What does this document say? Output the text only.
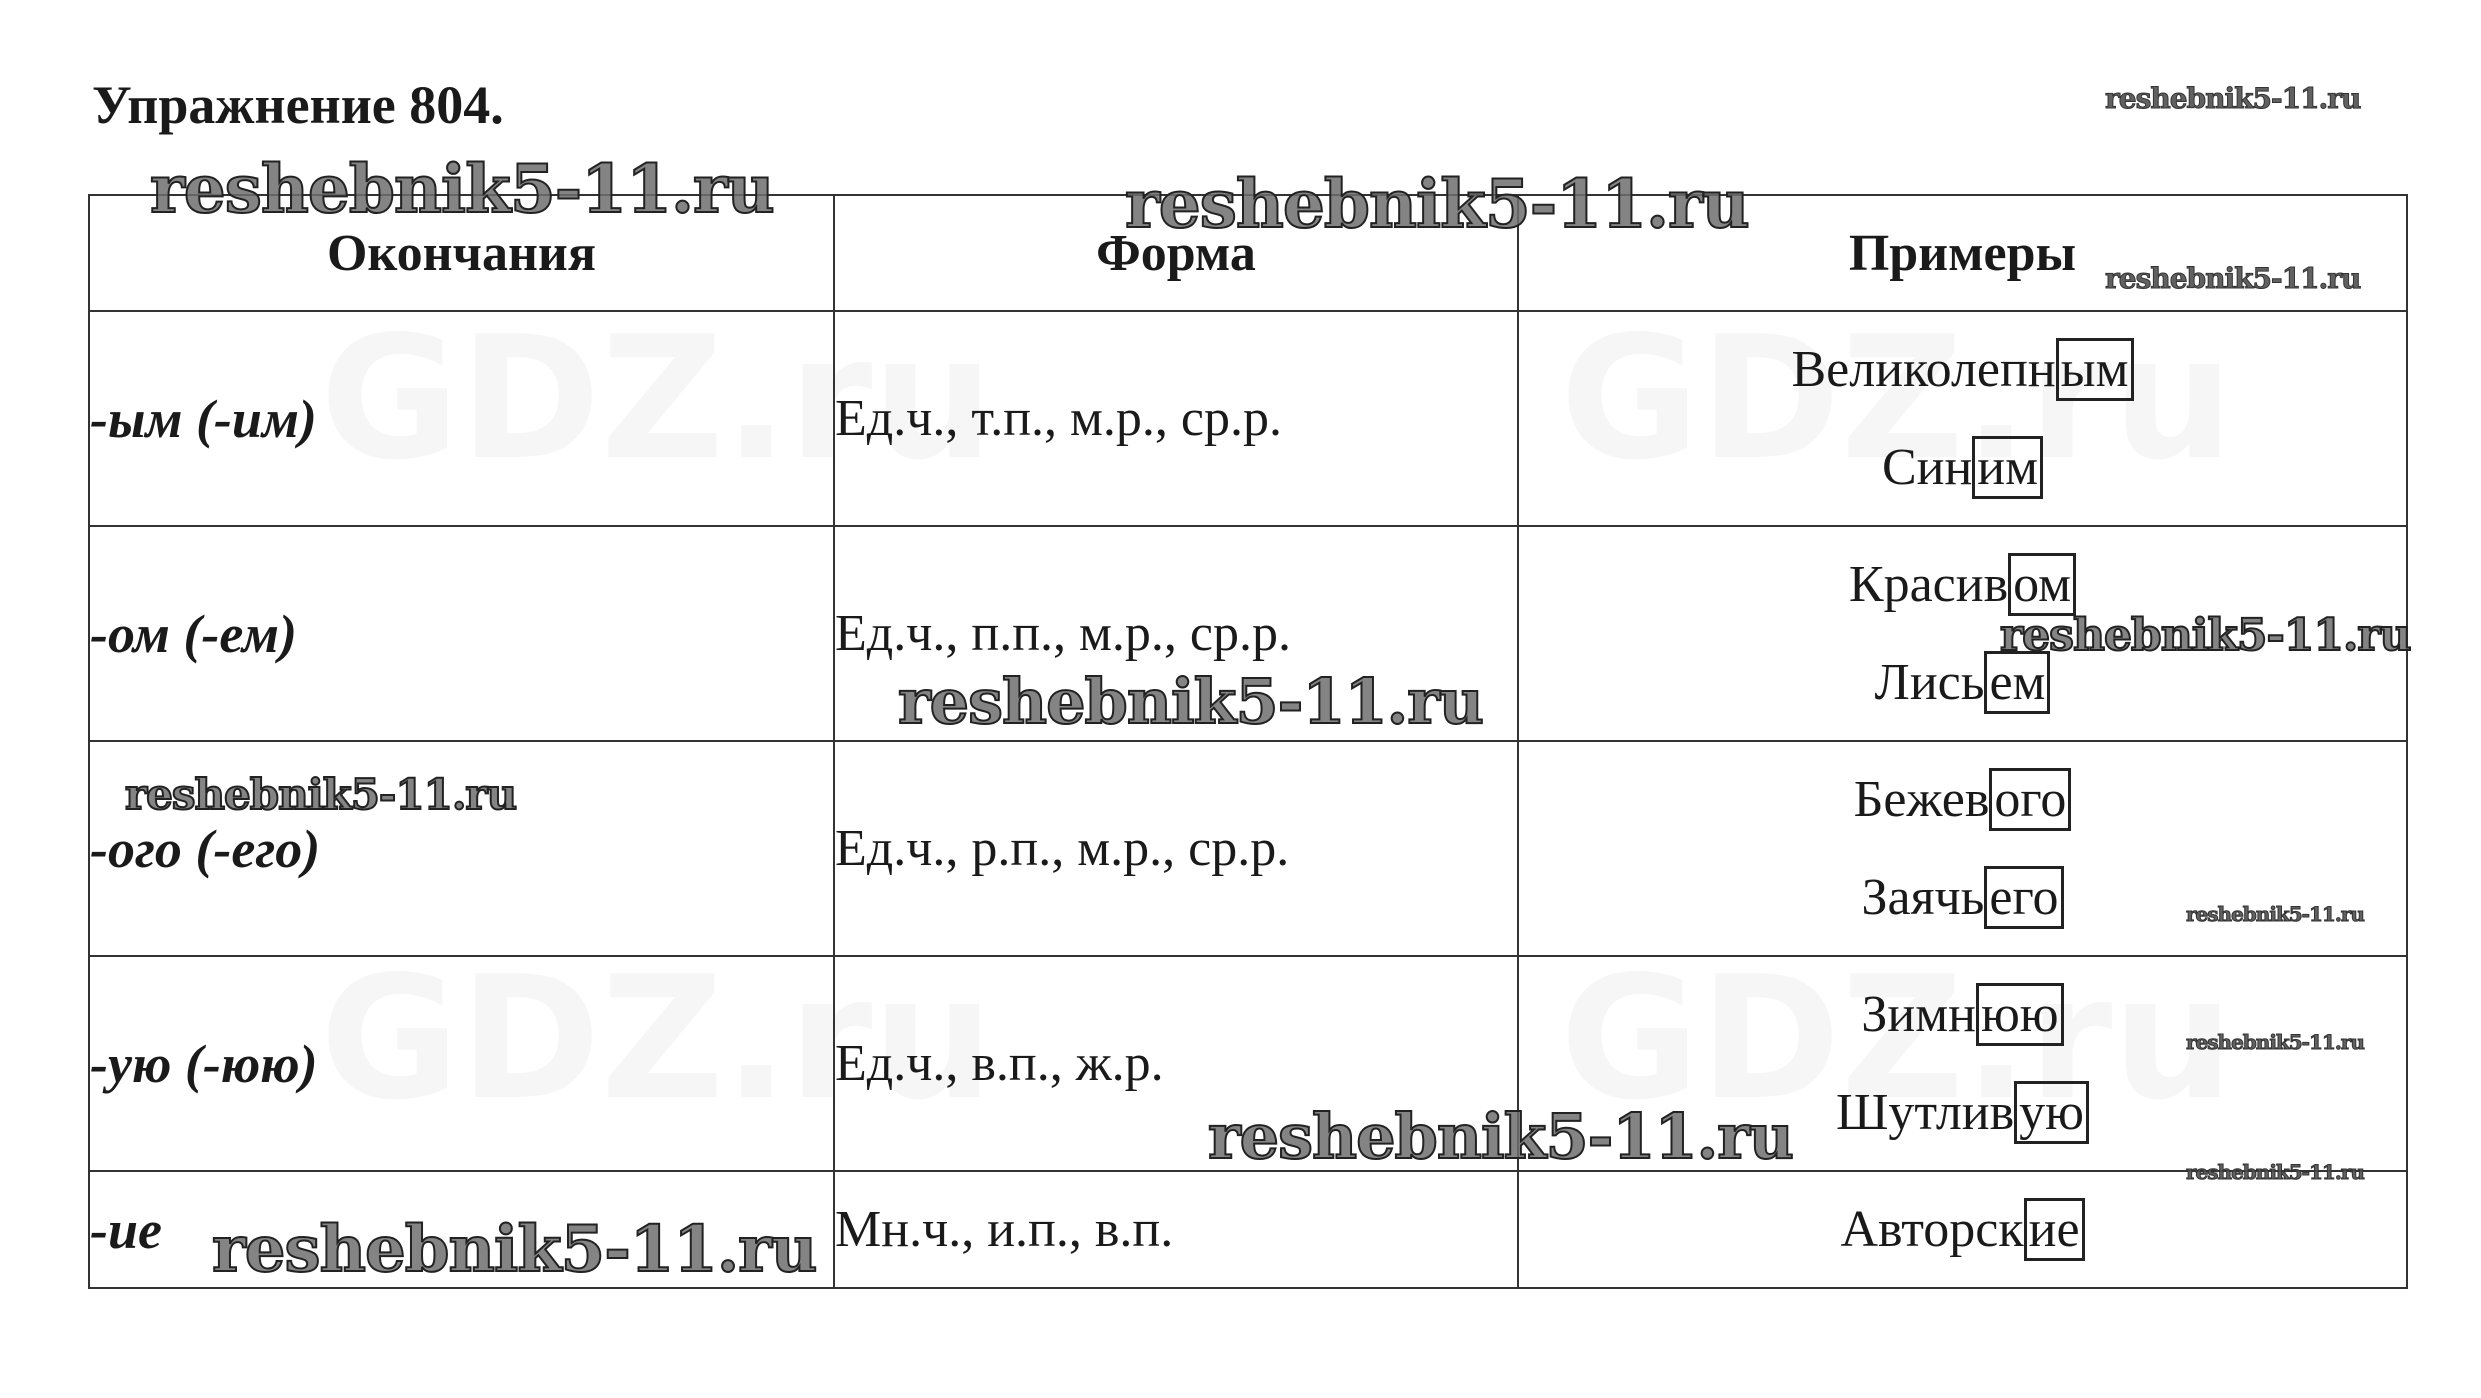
Упражнение 804.
Окончания	Форма	Примеры
-ым (-им)	Ед.ч., т.п., м.р., ср.р.	Великолепным
Синим

-ом (-ем)	Ед.ч., п.п., м.р., ср.р.	Красивом
Лисьем

-ого (-его)	Ед.ч., р.п., м.р., ср.р.	Бежевого
Заячьего

-ую (-юю)	Ед.ч., в.п., ж.р.	Зимнюю
Шутливую

-ие	Мн.ч., и.п., в.п.	Авторские
reshebnik5-11.ru
reshebnik5-11.ru	reshebnik5-11.ru
reshebnik5-11.ru
reshebnik5-11.ru
reshebnik5-11.ru
reshebnik5-11.ru
reshebnik5-11.ru
reshebnik5-11.ru
reshebnik5-11.ru	reshebnik5-11.ru
reshebnik5-11.ru
